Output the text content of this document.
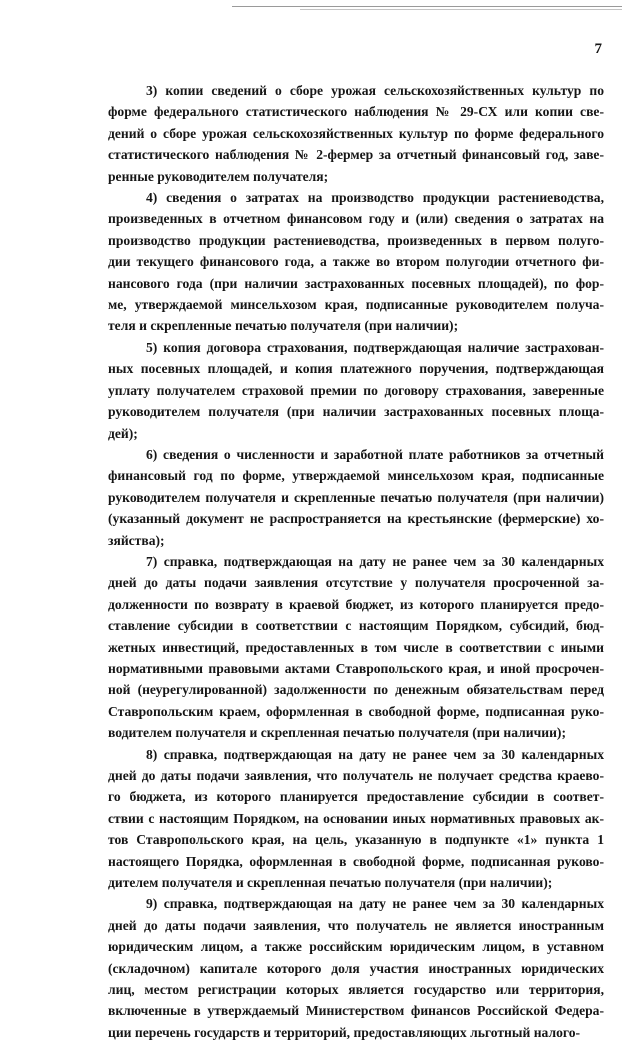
7

3) копии сведений о сборе урожая сельскохозяйственных культур по
форме федерального статистического наблюдения № 29-СХ или копии све-
дений о сборе урожая сельскохозяйственных культур по форме федерального
статистического наблюдения № 2-фермер за отчетный финансовый год, заве-
ренные руководителем получателя;

4) сведения о затратах на производство продукции растениеводства,
произведенных в отчетном финансовом году и (или) сведения о затратах на
производство продукции растениеводства, произведенных в первом полуго-
дии текущего финансового года, а также во втором полугодии отчетного фи-
нансового года (при наличии застрахованных посевных площадей), по фор-
ме, утверждаемой минсельхозом края, подписанные руководителем получа-
теля и скрепленные печатью получателя (при наличии);

5) копия договора страхования, подтверждающая наличие застрахован-
ных посевных площадей, и копия платежного поручения, подтверждающая
уплату получателем страховой премии по договору страхования, заверенные
руководителем получателя (при наличии застрахованных посевных площа-
дей);

6) сведения о численности и заработной плате работников за отчетный
финансовый год по форме, утверждаемой минсельхозом края, подписанные
руководителем получателя и скрепленные печатью получателя (при наличии)
(указанный документ не распространяется на крестьянские (фермерские) хо-
зяйства);

7) справка, подтверждающая на дату не ранее чем за 30 календарных
дней до даты подачи заявления отсутствие у получателя просроченной за-
долженности по возврату в краевой бюджет, из которого планируется предо-
ставление субсидии в соответствии с настоящим Порядком, субсидий, бюд-
жетных инвестиций, предоставленных в том числе в соответствии с иными
нормативными правовыми актами Ставропольского края, и иной просрочен-
ной (неурегулированной) задолженности по денежным обязательствам перед
Ставропольским краем, оформленная в свободной форме, подписанная руко-
водителем получателя и скрепленная печатью получателя (при наличии);

8) справка, подтверждающая на дату не ранее чем за 30 календарных
дней до даты подачи заявления, что получатель не получает средства краево-
го бюджета, из которого планируется предоставление субсидии в соответ-
ствии с настоящим Порядком, на основании иных нормативных правовых ак-
тов Ставропольского края, на цель, указанную в подпункте «1» пункта 1
настоящего Порядка, оформленная в свободной форме, подписанная руково-
дителем получателя и скрепленная печатью получателя (при наличии);

9) справка, подтверждающая на дату не ранее чем за 30 календарных
дней до даты подачи заявления, что получатель не является иностранным
юридическим лицом, а также российским юридическим лицом, в уставном
(складочном) капитале которого доля участия иностранных юридических
лиц, местом регистрации которых является государство или территория,
включенные в утверждаемый Министерством финансов Российской Федера-
ции перечень государств и территорий, предоставляющих льготный налого-
